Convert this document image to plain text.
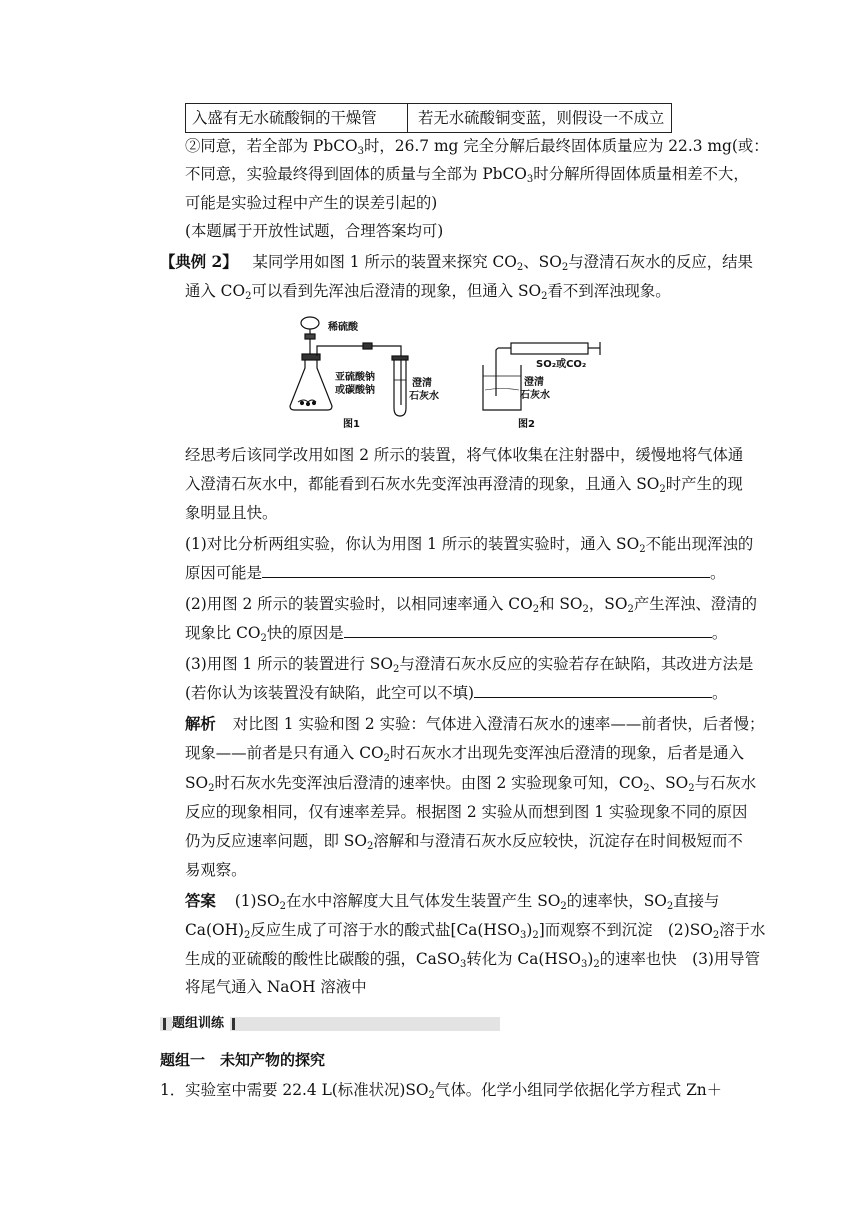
入盛有无水硫酸铜的干燥管	若无水硫酸铜变蓝，则假设一不成立
②同意，若全部为 PbCO$_3$时，26.7 mg 完全分解后最终固体质量应为 22.3 mg(或：
不同意，实验最终得到固体的质量与全部为 PbCO$_3$时分解所得固体质量相差不大，
可能是实验过程中产生的误差引起的)
(本题属于开放性试题，合理答案均可)
【典例 2】 某同学用如图 1 所示的装置来探究 $CO_2$、$SO_2$与澄清石灰水的反应，结果
通入 $CO_2$可以看到先浑浊后澄清的现象，但通入 $SO_2$看不到浑浊现象。
稀硫酸
亚硫酸钠
或碳酸钠
澄清
石灰水
图1
SO₂或CO₂
澄清
石灰水
图2
经思考后该同学改用如图 2 所示的装置，将气体收集在注射器中，缓慢地将气体通
入澄清石灰水中，都能看到石灰水先变浑浊再澄清的现象，且通入 $SO_2$时产生的现
象明显且快。
(1)对比分析两组实验，你认为用图 1 所示的装置实验时，通入 $SO_2$不能出现浑浊的
原因可能是	。
(2)用图 2 所示的装置实验时，以相同速率通入 $CO_2$和 $SO_2$，$SO_2$产生浑浊、澄清的
现象比 $CO_2$快的原因是	。
(3)用图 1 所示的装置进行 $SO_2$与澄清石灰水反应的实验若存在缺陷，其改进方法是
(若你认为该装置没有缺陷，此空可以不填)	。
解析 对比图 1 实验和图 2 实验：气体进入澄清石灰水的速率——前者快，后者慢；
现象——前者是只有通入 $CO_2$时石灰水才出现先变浑浊后澄清的现象，后者是通入
$SO_2$时石灰水先变浑浊后澄清的速率快。由图 2 实验现象可知，$CO_2$、$SO_2$与石灰水
反应的现象相同，仅有速率差异。根据图 2 实验从而想到图 1 实验现象不同的原因
仍为反应速率问题，即 $SO_2$溶解和与澄清石灰水反应较快，沉淀存在时间极短而不
易观察。
答案 $(1)SO_2$在水中溶解度大且气体发生装置产生 $SO_2$的速率快，$SO_2$直接与
$Ca(OH)_2$反应生成了可溶于水的酸式盐$[Ca(HSO_3)_2]$而观察不到沉淀　$(2)SO_2$溶于水
生成的亚硫酸的酸性比碳酸的强，CaSO$_3$转化为 $Ca(HSO_3)_2$的速率也快　(3)用导管
将尾气通入 NaOH 溶液中
题组训练
题组一　未知产物的探究
1．实验室中需要 22.4 L(标准状况)$SO_2$气体。化学小组同学依据化学方程式 Zn＋
